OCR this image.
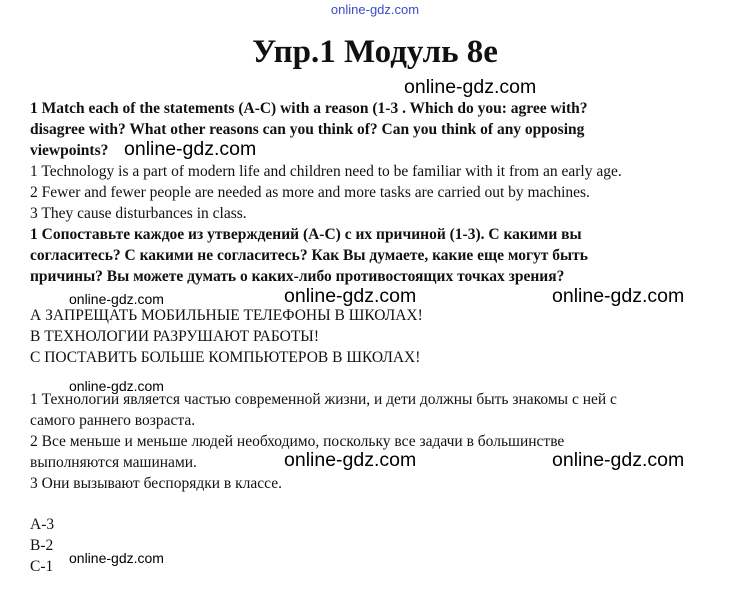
online-gdz.com
Упр.1 Модуль 8е
1 Match each of the statements (A-C) with a reason (1-3 . Which do you: agree with?
disagree with? What other reasons can you think of? Can you think of any opposing
viewpoints?
1 Technology is a part of modern life and children need to be familiar with it from an early age.
2 Fewer and fewer people are needed as more and more tasks are carried out by machines.
3 They cause disturbances in class.
1 Сопоставьте каждое из утверждений (А-С) с их причиной (1-3). С какими вы
согласитесь? С какими не согласитесь? Как Вы думаете, какие еще могут быть
причины? Вы можете думать о каких-либо противостоящих точках зрения?
А ЗАПРЕЩАТЬ МОБИЛЬНЫЕ ТЕЛЕФОНЫ В ШКОЛАХ!
В ТЕХНОЛОГИИ РАЗРУШАЮТ РАБОТЫ!
С ПОСТАВИТЬ БОЛЬШЕ КОМПЬЮТЕРОВ В ШКОЛАХ!
1 Технологии является частью современной жизни, и дети должны быть знакомы с ней с
самого раннего возраста.
2 Все меньше и меньше людей необходимо, поскольку все задачи в большинстве
выполняются машинами.
3 Они вызывают беспорядки в классе.
A-3
B-2
C-1
online-gdz.com
online-gdz.com
online-gdz.com	online-gdz.com	online-gdz.com
online-gdz.com
online-gdz.com	online-gdz.com
online-gdz.com
